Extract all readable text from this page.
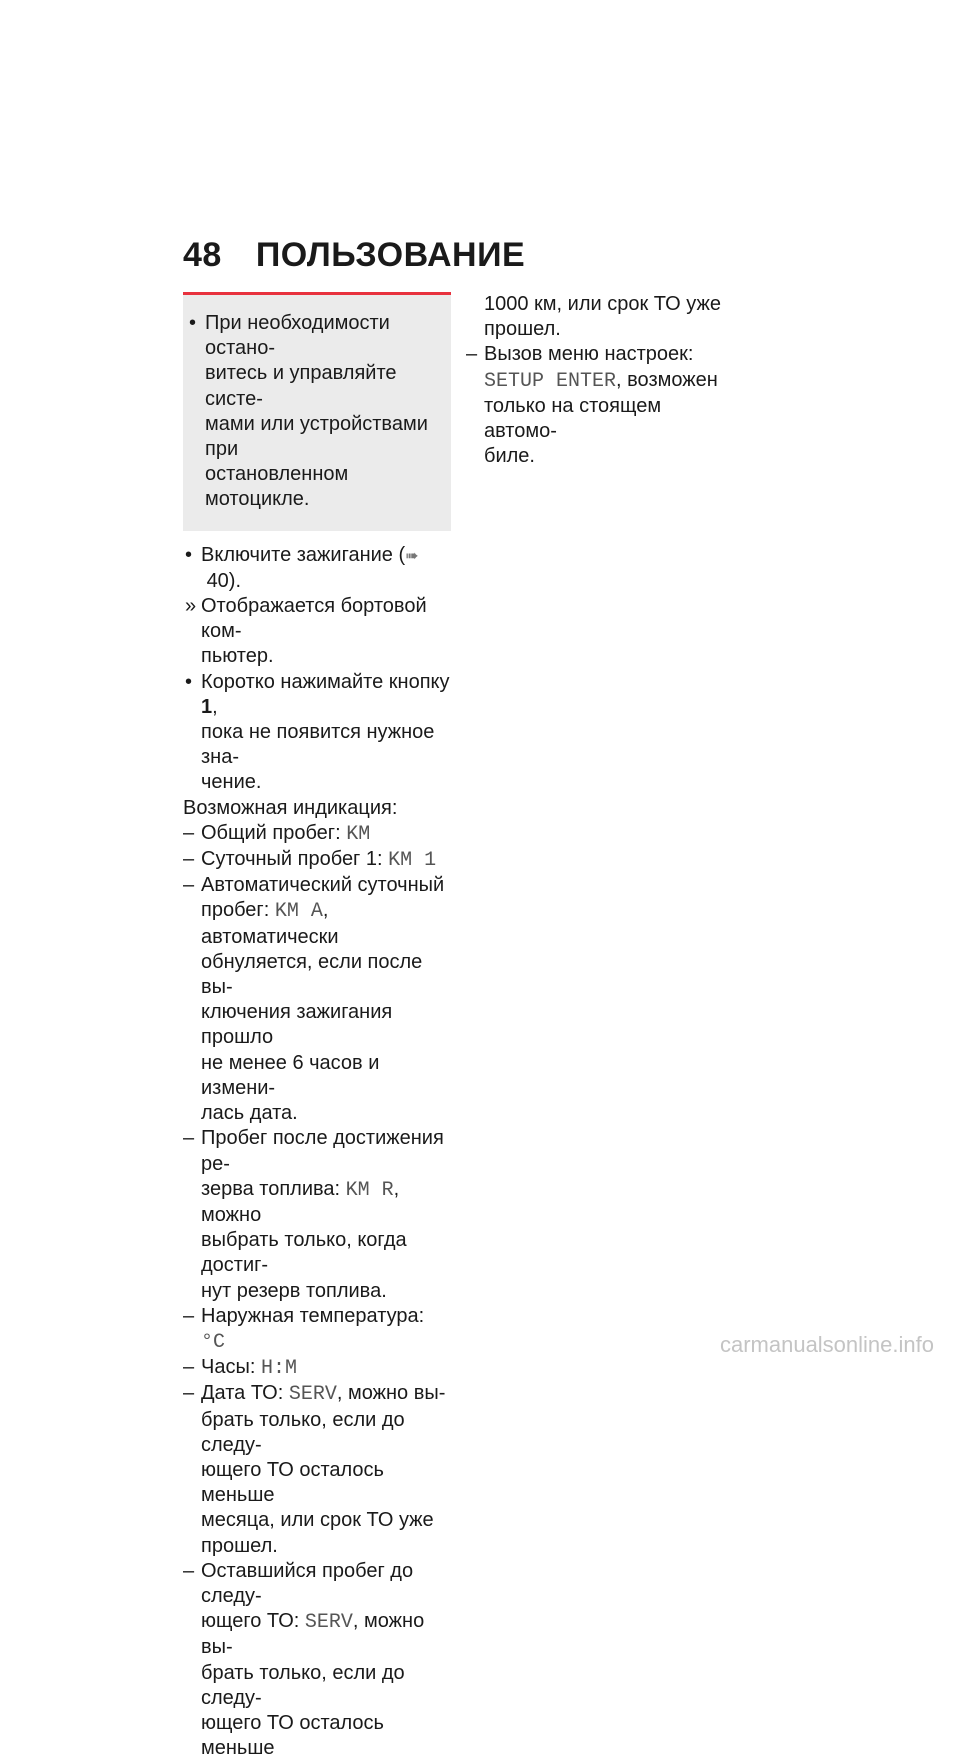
48 ПОЛЬЗОВАНИЕ
• При необходимости остано-
витесь и управляйте систе-
мами или устройствами при
остановленном мотоцикле.
• Включите зажигание (➠ 40).
» Отображается бортовой ком-
пьютер.
• Коротко нажимайте кнопку 1,
пока не появится нужное зна-
чение.
Возможная индикация:
– Общий пробег: KM
– Суточный пробег 1: KM 1
– Автоматический суточный
пробег: KM A, автоматически
обнуляется, если после вы-
ключения зажигания прошло
не менее 6 часов и измени-
лась дата.
– Пробег после достижения ре-
зерва топлива: KM R, можно
выбрать только, когда достиг-
нут резерв топлива.
– Наружная температура: °C
– Часы: H:M
– Дата ТО: SERV, можно вы-
брать только, если до следу-
ющего ТО осталось меньше
месяца, или срок ТО уже
прошел.
– Оставшийся пробег до следу-
ющего ТО: SERV, можно вы-
брать только, если до следу-
ющего ТО осталось меньше
1000 км, или срок ТО уже
прошел.
– Вызов меню настроек:
SETUP ENTER, возможен
только на стоящем автомо-
биле.
carmanualsonline.info
